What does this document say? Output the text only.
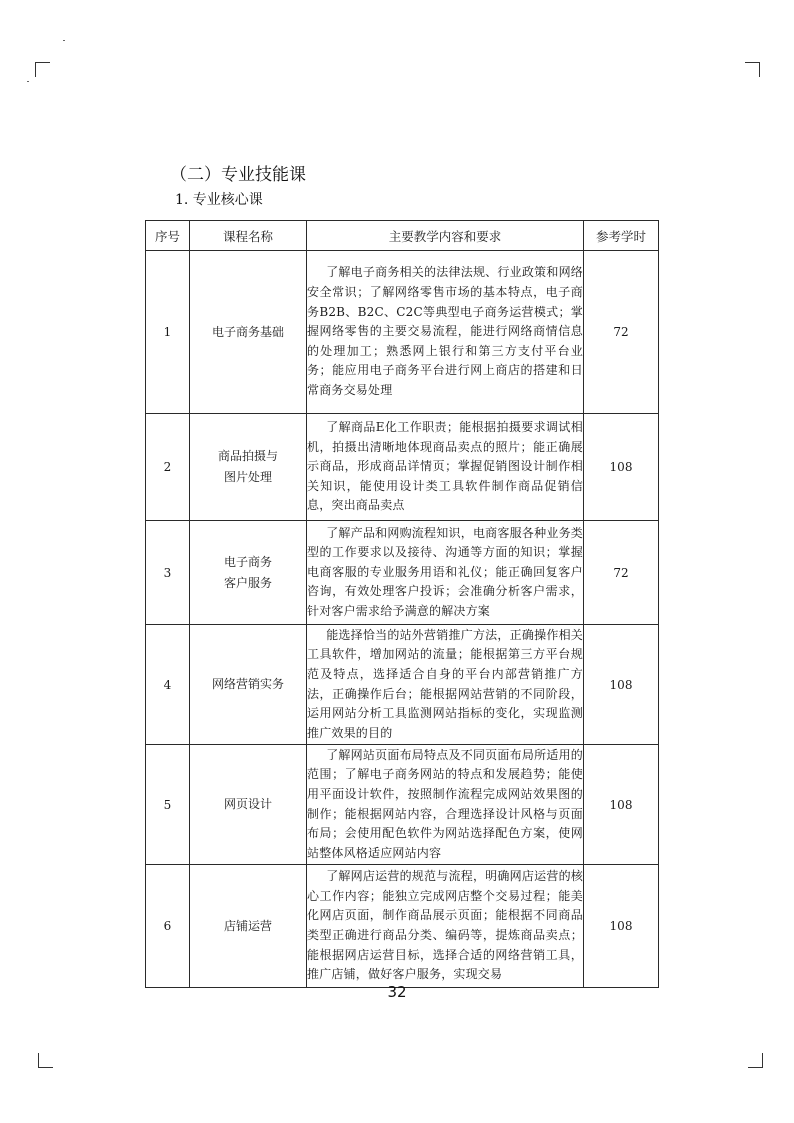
（二）专业技能课
1. 专业核心课
序号	课程名称	主要教学内容和要求	参考学时
1	电子商务基础	了解电子商务相关的法律法规、行业政策和网络安全常识；了解网络零售市场的基本特点，电子商务B2B、B2C、C2C等典型电子商务运营模式；掌握网络零售的主要交易流程，能进行网络商情信息的处理加工；熟悉网上银行和第三方支付平台业务；能应用电子商务平台进行网上商店的搭建和日常商务交易处理	72
2	商品拍摄与
图片处理	了解商品E化工作职责；能根据拍摄要求调试相机，拍摄出清晰地体现商品卖点的照片；能正确展示商品，形成商品详情页；掌握促销图设计制作相关知识，能使用设计类工具软件制作商品促销信息，突出商品卖点	108
3	电子商务
客户服务	了解产品和网购流程知识，电商客服各种业务类型的工作要求以及接待、沟通等方面的知识；掌握电商客服的专业服务用语和礼仪；能正确回复客户咨询，有效处理客户投诉；会准确分析客户需求，针对客户需求给予满意的解决方案	72
4	网络营销实务	能选择恰当的站外营销推广方法，正确操作相关工具软件，增加网站的流量；能根据第三方平台规范及特点，选择适合自身的平台内部营销推广方法，正确操作后台；能根据网站营销的不同阶段，运用网站分析工具监测网站指标的变化，实现监测推广效果的目的	108
5	网页设计	了解网站页面布局特点及不同页面布局所适用的范围；了解电子商务网站的特点和发展趋势；能使用平面设计软件，按照制作流程完成网站效果图的制作；能根据网站内容，合理选择设计风格与页面布局；会使用配色软件为网站选择配色方案，使网站整体风格适应网站内容	108
6	店铺运营	了解网店运营的规范与流程，明确网店运营的核心工作内容；能独立完成网店整个交易过程；能美化网店页面，制作商品展示页面；能根据不同商品类型正确进行商品分类、编码等，提炼商品卖点；能根据网店运营目标，选择合适的网络营销工具，推广店铺，做好客户服务，实现交易	108
32
